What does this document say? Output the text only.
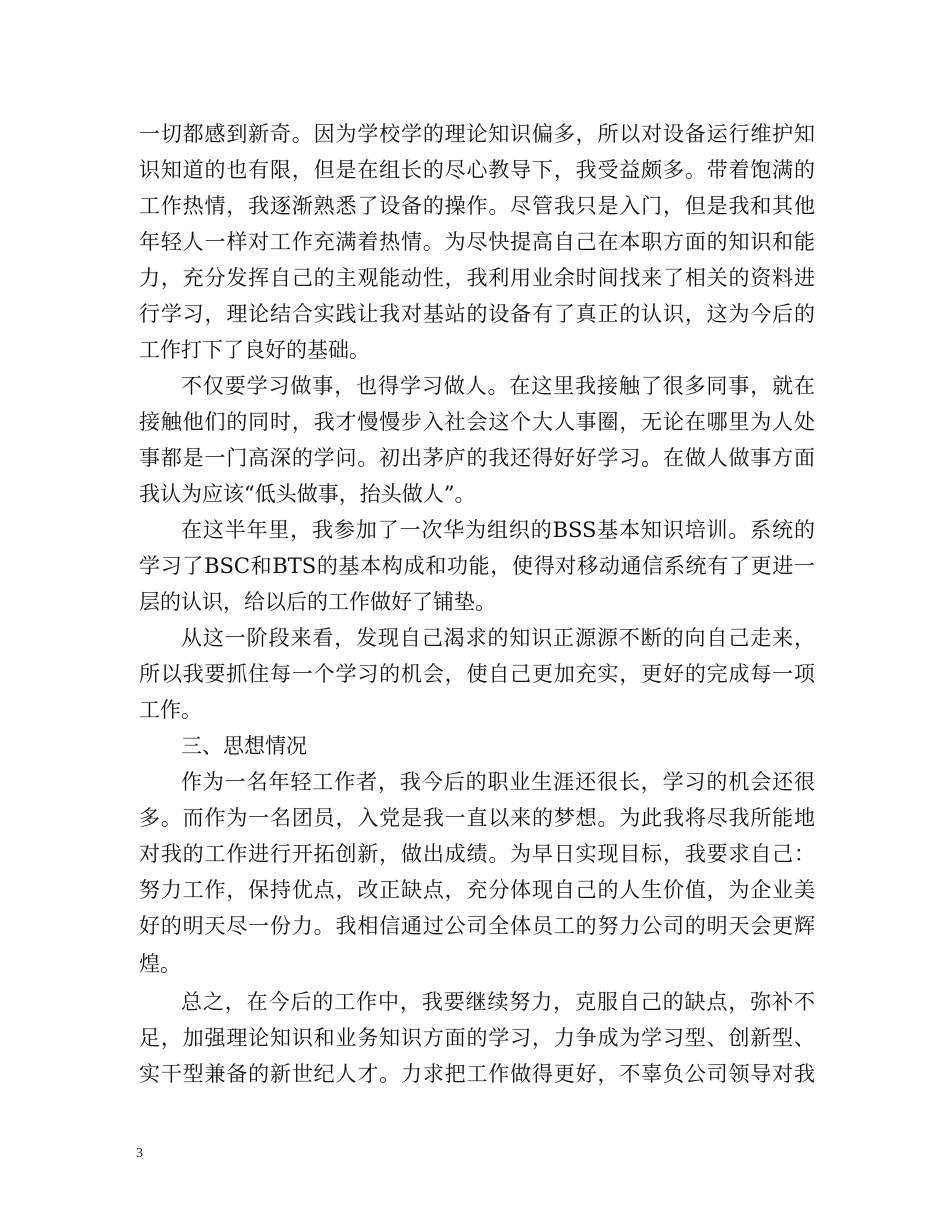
一切都感到新奇。因为学校学的理论知识偏多，所以对设备运行维护知
识知道的也有限，但是在组长的尽心教导下，我受益颇多。带着饱满的
工作热情，我逐渐熟悉了设备的操作。尽管我只是入门，但是我和其他
年轻人一样对工作充满着热情。为尽快提高自己在本职方面的知识和能
力，充分发挥自己的主观能动性，我利用业余时间找来了相关的资料进
行学习，理论结合实践让我对基站的设备有了真正的认识，这为今后的
工作打下了良好的基础。
不仅要学习做事，也得学习做人。在这里我接触了很多同事，就在
接触他们的同时，我才慢慢步入社会这个大人事圈，无论在哪里为人处
事都是一门高深的学问。初出茅庐的我还得好好学习。在做人做事方面
我认为应该“低头做事，抬头做人”。
在这半年里，我参加了一次华为组织的BSS基本知识培训。系统的
学习了BSC和BTS的基本构成和功能，使得对移动通信系统有了更进一
层的认识，给以后的工作做好了铺垫。
从这一阶段来看，发现自己渴求的知识正源源不断的向自己走来，
所以我要抓住每一个学习的机会，使自己更加充实，更好的完成每一项
工作。
三、思想情况
作为一名年轻工作者，我今后的职业生涯还很长，学习的机会还很
多。而作为一名团员，入党是我一直以来的梦想。为此我将尽我所能地
对我的工作进行开拓创新，做出成绩。为早日实现目标，我要求自己：
努力工作，保持优点，改正缺点，充分体现自己的人生价值，为企业美
好的明天尽一份力。我相信通过公司全体员工的努力公司的明天会更辉
煌。
总之，在今后的工作中，我要继续努力，克服自己的缺点，弥补不
足，加强理论知识和业务知识方面的学习，力争成为学习型、创新型、
实干型兼备的新世纪人才。力求把工作做得更好，不辜负公司领导对我
3
